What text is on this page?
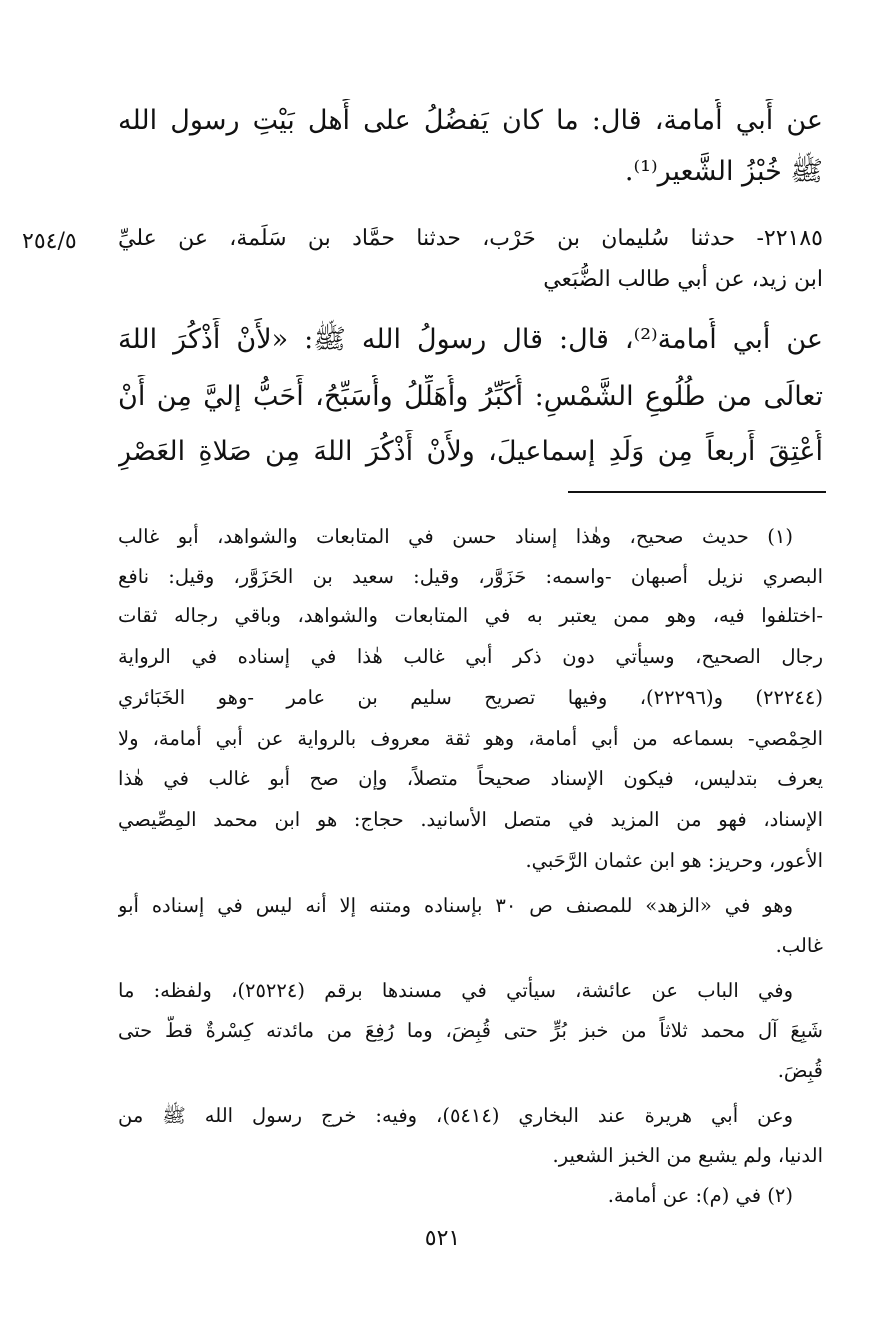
عن أَبي أُمامة، قال: ما كان يَفضُلُ على أَهل بَيْتِ رسول الله
ﷺ خُبْزُ الشَّعير⁽¹⁾.
٢٥٤/٥ ٢٢١٨٥- حدثنا سُليمان بن حَرْب، حدثنا حمَّاد بن سَلَمة، عن عليِّ
ابن زيد، عن أبي طالب الضُّبَعي
عن أبي أُمامة⁽²⁾، قال: قال رسولُ الله ﷺ: «لأَنْ أَذْكُرَ اللهَ
تعالَى من طُلُوعِ الشَّمْسِ: أُكَبِّرُ وأُهَلِّلُ وأُسَبِّحُ، أَحَبُّ إليَّ مِن أَنْ
أُعْتِقَ أَربعاً مِن وَلَدِ إسماعيلَ، ولأَنْ أَذْكُرَ اللهَ مِن صَلاةِ العَصْرِ
(١) حديث صحيح، وهٰذا إسناد حسن في المتابعات والشواهد، أبو غالب
البصري نزيل أصبهان -واسمه: حَزَوَّر، وقيل: سعيد بن الحَزَوَّر، وقيل: نافع
-اختلفوا فيه، وهو ممن يعتبر به في المتابعات والشواهد، وباقي رجاله ثقات
رجال الصحيح، وسيأتي دون ذكر أبي غالب هٰذا في إسناده في الرواية
(٢٢٢٤٤) و(٢٢٢٩٦)، وفيها تصريح سليم بن عامر -وهو الخَبَائري
الحِمْصي- بسماعه من أبي أمامة، وهو ثقة معروف بالرواية عن أبي أمامة، ولا
يعرف بتدليس، فيكون الإسناد صحيحاً متصلاً، وإن صح أبو غالب في هٰذا
الإسناد، فهو من المزيد في متصل الأسانيد. حجاج: هو ابن محمد المِصِّيصي
الأعور، وحريز: هو ابن عثمان الرَّحَبي.
وهو في «الزهد» للمصنف ص ٣٠ بإسناده ومتنه إلا أنه ليس في إسناده أبو
غالب.
وفي الباب عن عائشة، سيأتي في مسندها برقم (٢٥٢٢٤)، ولفظه: ما
شَبِعَ آل محمد ثلاثاً من خبز بُرٍّ حتى قُبِضَ، وما رُفِعَ من مائدته كِسْرةٌ قطُّ حتى
قُبِضَ.
وعن أبي هريرة عند البخاري (٥٤١٤)، وفيه: خرج رسول الله ﷺ من
الدنيا، ولم يشبع من الخبز الشعير.
(٢) في (م): عن أمامة.
٥٢١
